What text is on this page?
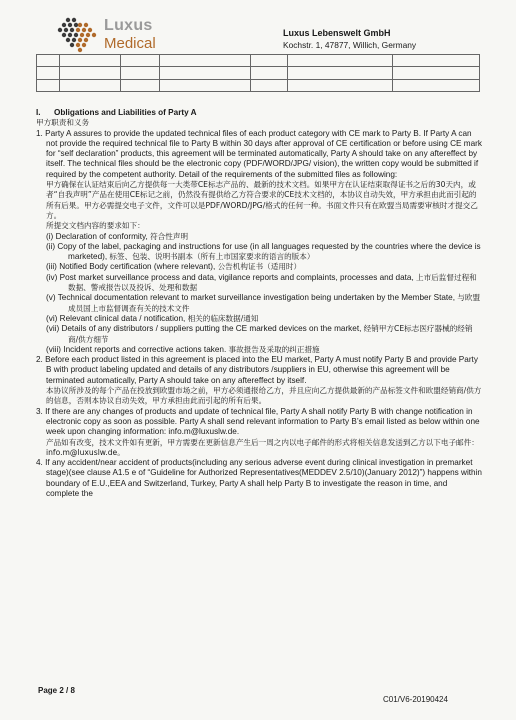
Luxus
Medical
Luxus Lebenswelt GmbH
Kochstr. 1, 47877, Willich, Germany

I. Obligations and Liabilities of Party A

甲方职责和义务

1. Party A assures to provide the updated technical files of each product category with CE mark to Party B. If Party A can not provide the required technical file to Party B within 30 days after approval of CE certification or before using CE mark for “self declaration” products, this agreement will be terminated automatically, Party A should take on any aftereffect by itself. The technical files should be the electronic copy (PDF/WORD/JPG/ vision), the written copy would be submitted if required by the competent authority. Detail of the requirements of the submitted files as following:
甲方确保在认证结束后向乙方提供每一大类带CE标志产品的、最新的技术文档。如果甲方在认证结束取得证书之后的30天内，或者“自我声明”产品在使用CE标记之前，仍然没有提供给乙方符合要求的CE技术文档的，本协议自动失效，甲方承担由此而引起的所有后果。甲方必需提交电子文件，文件可以是PDF/WORD/JPG/格式的任何一种。书面文件只有在欧盟当局需要审核时才提交乙方。
所提交文档内容的要求如下：
(i) Declaration of conformity, 符合性声明
(ii) Copy of the label, packaging and instructions for use (in all languages requested by the countries where the device is marketed), 标签、包装、说明书副本（所有上市国家要求的语言的版本）
(iii) Notified Body certification (where relevant), 公告机构证书（适用时）
(iv) Post market surveillance process and data, vigilance reports and complaints, processes and data, 上市后监督过程和数据、警戒报告以及投诉、处理和数据
(v) Technical documentation relevant to market surveillance investigation being undertaken by the Member State, 与欧盟成员国上市监督调查有关的技术文件
(vi) Relevant clinical data / notification, 相关的临床数据/通知
(vii) Details of any distributors / suppliers putting the CE marked devices on the market, 经销甲方CE标志医疗器械的经销商/供方细节
(viii) Incident reports and corrective actions taken. 事故报告及采取的纠正措施
2. Before each product listed in this agreement is placed into the EU market, Party A must notify Party B and provide Party B with product labeling updated and details of any distributors /suppliers in EU, otherwise this agreement will be terminated automatically, Party A should take on any aftereffect by itself.
本协议所涉及的每个产品在投放到欧盟市场之前，甲方必须通报给乙方，并且应向乙方提供最新的产品标签文件和欧盟经销商/供方的信息，否则本协议自动失效，甲方承担由此而引起的所有后果。
3. If there are any changes of products and update of technical file, Party A shall notify Party B with change notification in electronic copy as soon as possible. Party A shall send relevant information to Party B’s email listed as below within one week upon changing information: info.m@luxuslw.de.
产品如有改变，技术文件如有更新，甲方需要在更新信息产生后一周之内以电子邮件的形式将相关信息发送到乙方以下电子邮件：info.m@luxuslw.de。
4. If any accident/near accident of products(including any serious adverse event during clinical investigation in premarket stage)(see clause A1.5 e of “Guideline for Authorized Representatives(MEDDEV 2.5/10)(January 2012)”) happens within boundary of E.U.,EEA and Switzerland, Turkey, Party A shall help Party B to investigate the reason in time, and complete the
Page 2 / 8
C01/V6-20190424
